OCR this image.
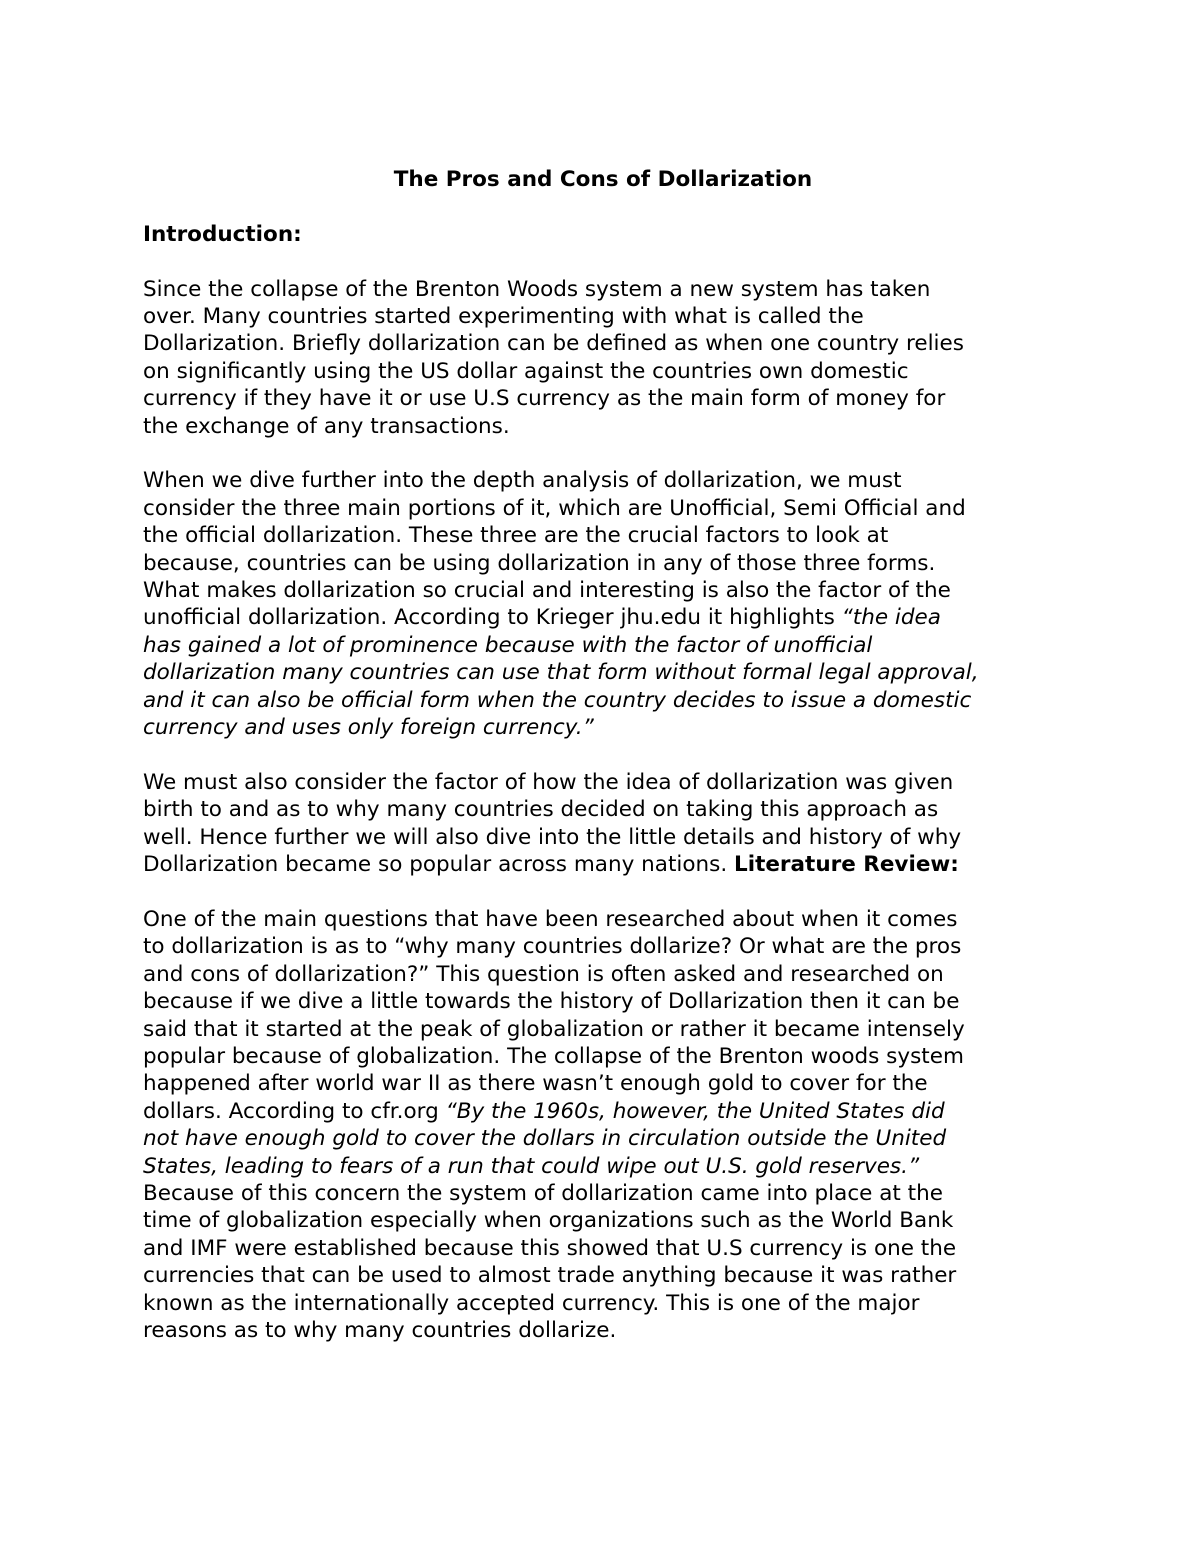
The Pros and Cons of Dollarization
Introduction:

Since the collapse of the Brenton Woods system a new system has taken
over. Many countries started experimenting with what is called the
Dollarization. Briefly dollarization can be defined as when one country relies
on significantly using the US dollar against the countries own domestic
currency if they have it or use U.S currency as the main form of money for
the exchange of any transactions.

When we dive further into the depth analysis of dollarization, we must
consider the three main portions of it, which are Unofficial, Semi Official and
the official dollarization. These three are the crucial factors to look at
because, countries can be using dollarization in any of those three forms.
What makes dollarization so crucial and interesting is also the factor of the
unofficial dollarization. According to Krieger jhu.edu it highlights “the idea
has gained a lot of prominence because with the factor of unofficial
dollarization many countries can use that form without formal legal approval,
and it can also be official form when the country decides to issue a domestic
currency and uses only foreign currency.”

We must also consider the factor of how the idea of dollarization was given
birth to and as to why many countries decided on taking this approach as
well. Hence further we will also dive into the little details and history of why
Dollarization became so popular across many nations. Literature Review:

One of the main questions that have been researched about when it comes
to dollarization is as to “why many countries dollarize? Or what are the pros
and cons of dollarization?” This question is often asked and researched on
because if we dive a little towards the history of Dollarization then it can be
said that it started at the peak of globalization or rather it became intensely
popular because of globalization. The collapse of the Brenton woods system
happened after world war II as there wasn’t enough gold to cover for the
dollars. According to cfr.org “By the 1960s, however, the United States did
not have enough gold to cover the dollars in circulation outside the United
States, leading to fears of a run that could wipe out U.S. gold reserves.”
Because of this concern the system of dollarization came into place at the
time of globalization especially when organizations such as the World Bank
and IMF were established because this showed that U.S currency is one the
currencies that can be used to almost trade anything because it was rather
known as the internationally accepted currency. This is one of the major
reasons as to why many countries dollarize.
